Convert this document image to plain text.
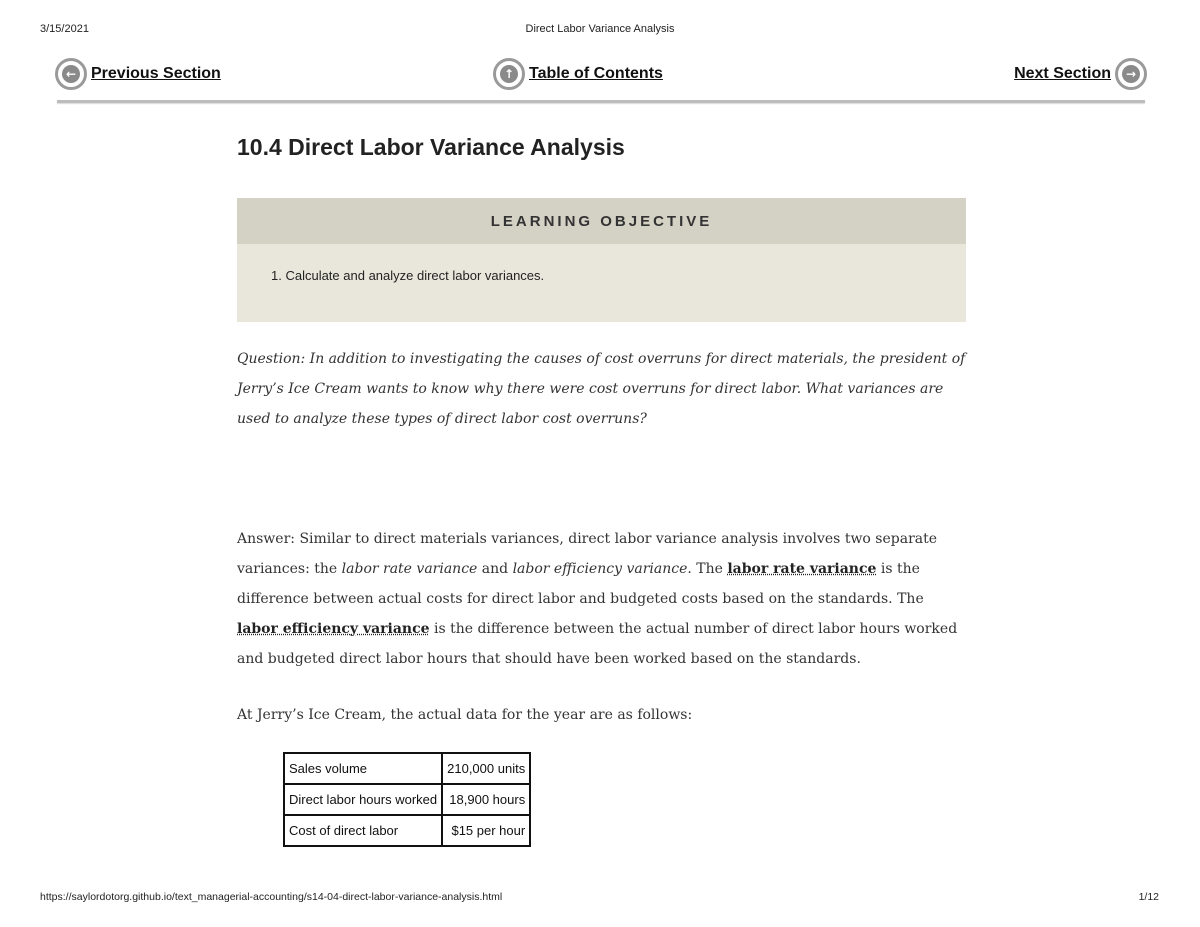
3/15/2021	Direct Labor Variance Analysis
← Previous Section	↑ Table of Contents	Next Section	→
10.4 Direct Labor Variance Analysis
LEARNING OBJECTIVE
1. Calculate and analyze direct labor variances.

Question: In addition to investigating the causes of cost overruns for direct materials, the president of Jerry’s Ice Cream wants to know why there were cost overruns for direct labor. What variances are used to analyze these types of direct labor cost overruns?

Answer: Similar to direct materials variances, direct labor variance analysis involves two separate variances: the labor rate variance and labor efficiency variance. The labor rate variance is the difference between actual costs for direct labor and budgeted costs based on the standards. The labor efficiency variance is the difference between the actual number of direct labor hours worked and budgeted direct labor hours that should have been worked based on the standards.

At Jerry’s Ice Cream, the actual data for the year are as follows:

Sales volume	210,000 units
Direct labor hours worked	18,900 hours
Cost of direct labor	$15 per hour
https://saylordotorg.github.io/text_managerial-accounting/s14-04-direct-labor-variance-analysis.html	1/12
